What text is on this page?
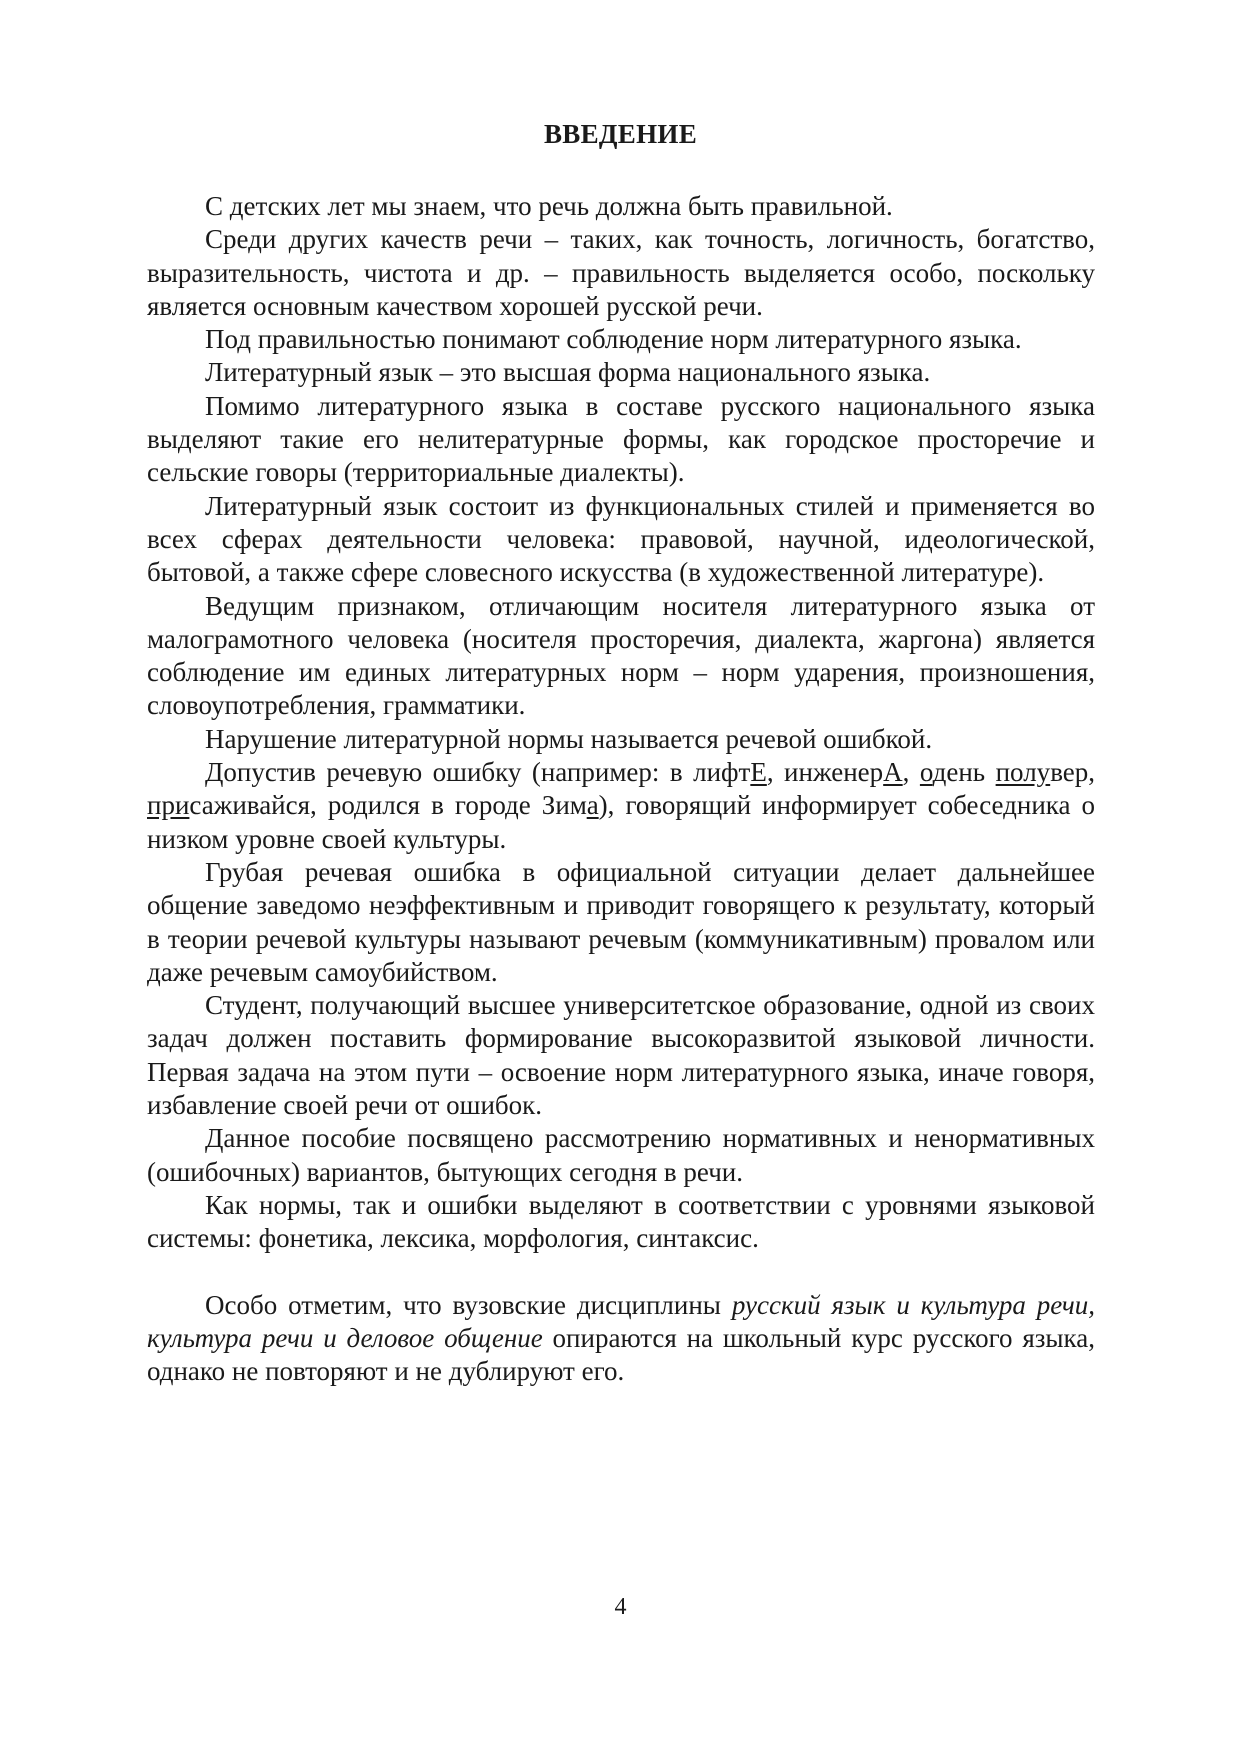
ВВЕДЕНИЕ

С детских лет мы знаем, что речь должна быть правильной.

Среди других качеств речи – таких, как точность, логичность, богатство, выразительность, чистота и др. – правильность выделяется особо, поскольку является основным качеством хорошей русской речи.

Под правильностью понимают соблюдение норм литературного языка.

Литературный язык – это высшая форма национального языка.

Помимо литературного языка в составе русского национального языка выделяют такие его нелитературные формы, как городское просторечие и сельские говоры (территориальные диалекты).

Литературный язык состоит из функциональных стилей и применяется во всех сферах деятельности человека: правовой, научной, идеологической, бытовой, а также сфере словесного искусства (в художественной литературе).

Ведущим признаком, отличающим носителя литературного языка от малограмотного человека (носителя просторечия, диалекта, жаргона) является соблюдение им единых литературных норм – норм ударения, произношения, словоупотребления, грамматики.

Нарушение литературной нормы называется речевой ошибкой.

Допустив речевую ошибку (например: в лифтЕ, инженерА, одень полувер, присаживайся, родился в городе Зима), говорящий информирует собеседника о низком уровне своей культуры.

Грубая речевая ошибка в официальной ситуации делает дальнейшее общение заведомо неэффективным и приводит говорящего к результату, который в теории речевой культуры называют речевым (коммуникативным) провалом или даже речевым самоубийством.

Студент, получающий высшее университетское образование, одной из своих задач должен поставить формирование высокоразвитой языковой личности. Первая задача на этом пути – освоение норм литературного языка, иначе говоря, избавление своей речи от ошибок.

Данное пособие посвящено рассмотрению нормативных и ненормативных (ошибочных) вариантов, бытующих сегодня в речи.

Как нормы, так и ошибки выделяют в соответствии с уровнями языковой системы: фонетика, лексика, морфология, синтаксис.

Особо отметим, что вузовские дисциплины русский язык и культура речи, культура речи и деловое общение опираются на школьный курс русского языка, однако не повторяют и не дублируют его.

4
